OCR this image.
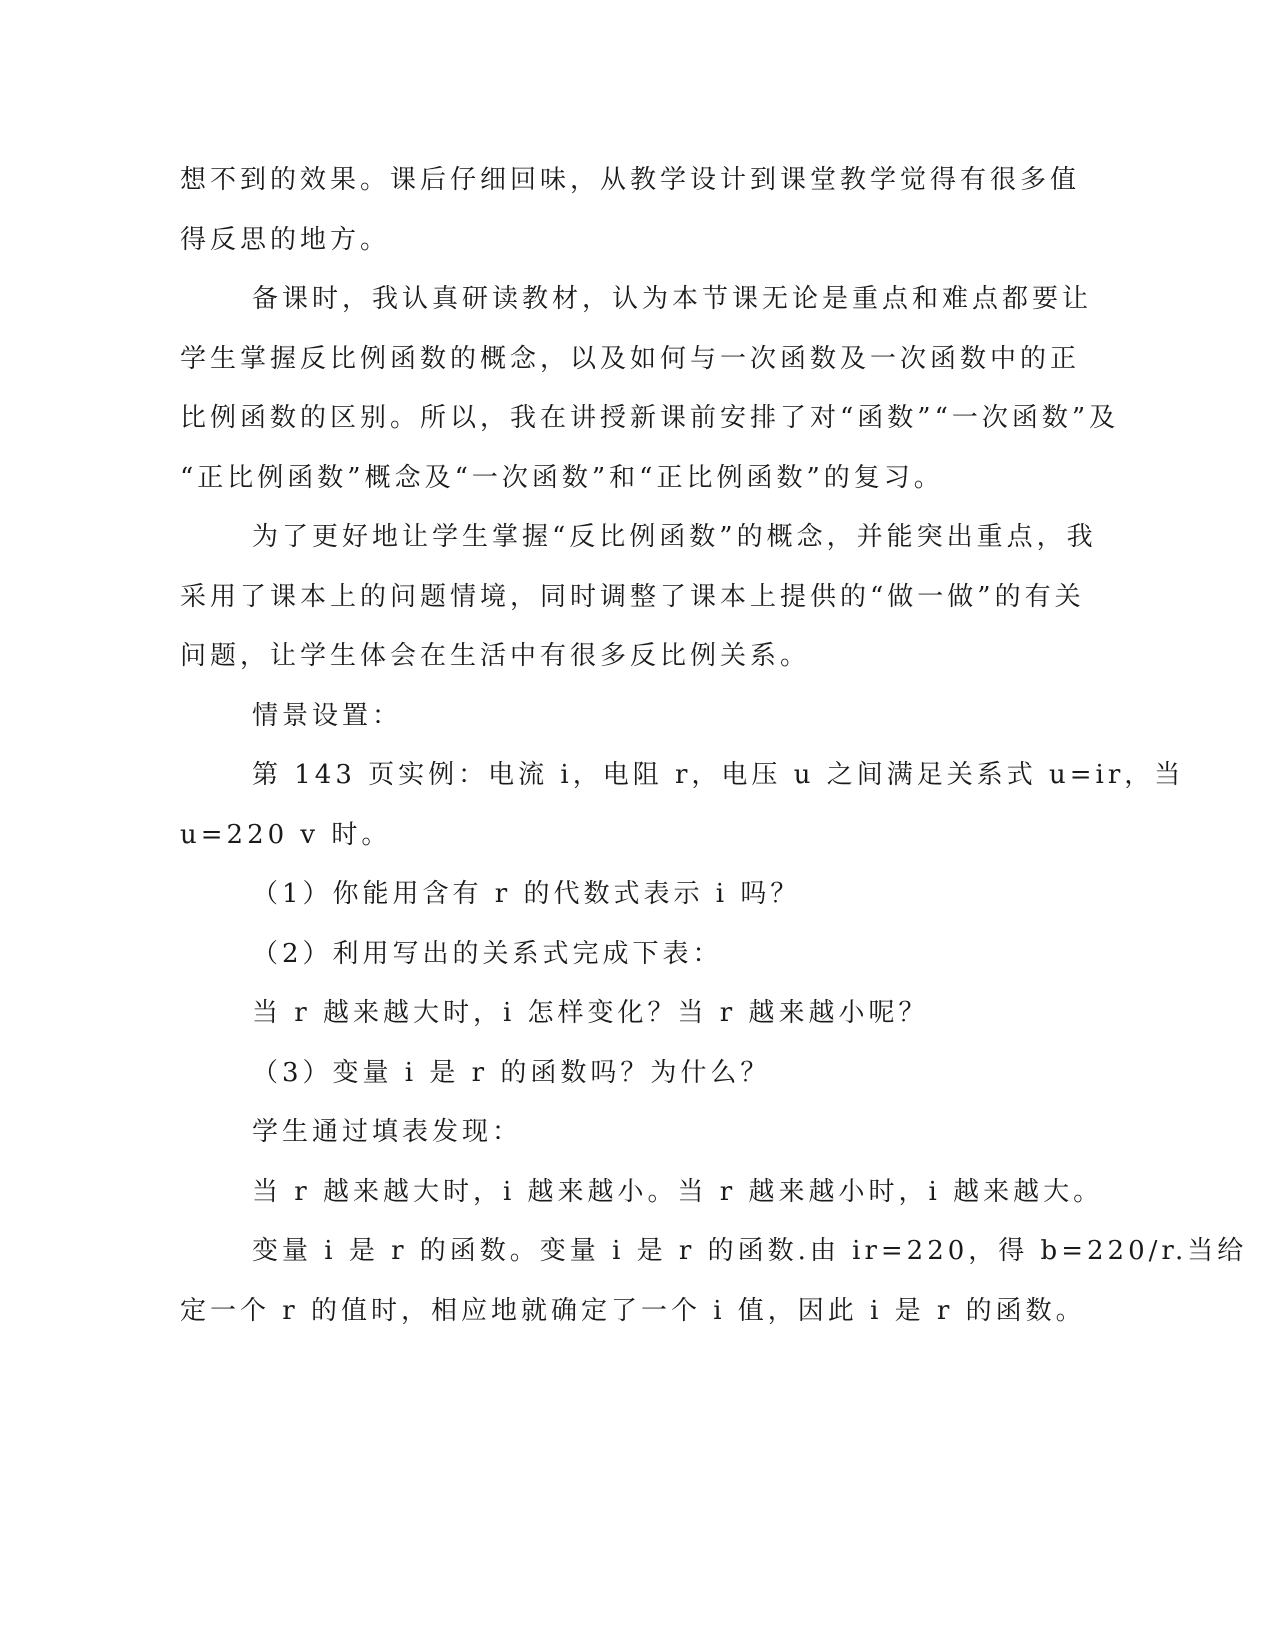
想不到的效果。课后仔细回味，从教学设计到课堂教学觉得有很多值
得反思的地方。
备课时，我认真研读教材，认为本节课无论是重点和难点都要让
学生掌握反比例函数的概念，以及如何与一次函数及一次函数中的正
比例函数的区别。所以，我在讲授新课前安排了对“函数”“一次函数”及
“正比例函数”概念及“一次函数”和“正比例函数”的复习。
为了更好地让学生掌握“反比例函数”的概念，并能突出重点，我
采用了课本上的问题情境，同时调整了课本上提供的“做一做”的有关
问题，让学生体会在生活中有很多反比例关系。
情景设置：
第 143 页实例：电流 i，电阻 r，电压 u 之间满足关系式 u=ir，当
u=220 v 时。
（1）你能用含有 r 的代数式表示 i 吗？
（2）利用写出的关系式完成下表：
当 r 越来越大时，i 怎样变化？当 r 越来越小呢？
（3）变量 i 是 r 的函数吗？为什么？
学生通过填表发现：
当 r 越来越大时，i 越来越小。当 r 越来越小时，i 越来越大。
变量 i 是 r 的函数。变量 i 是 r 的函数.由 ir=220，得 b=220/r.当给
定一个 r 的值时，相应地就确定了一个 i 值，因此 i 是 r 的函数。
